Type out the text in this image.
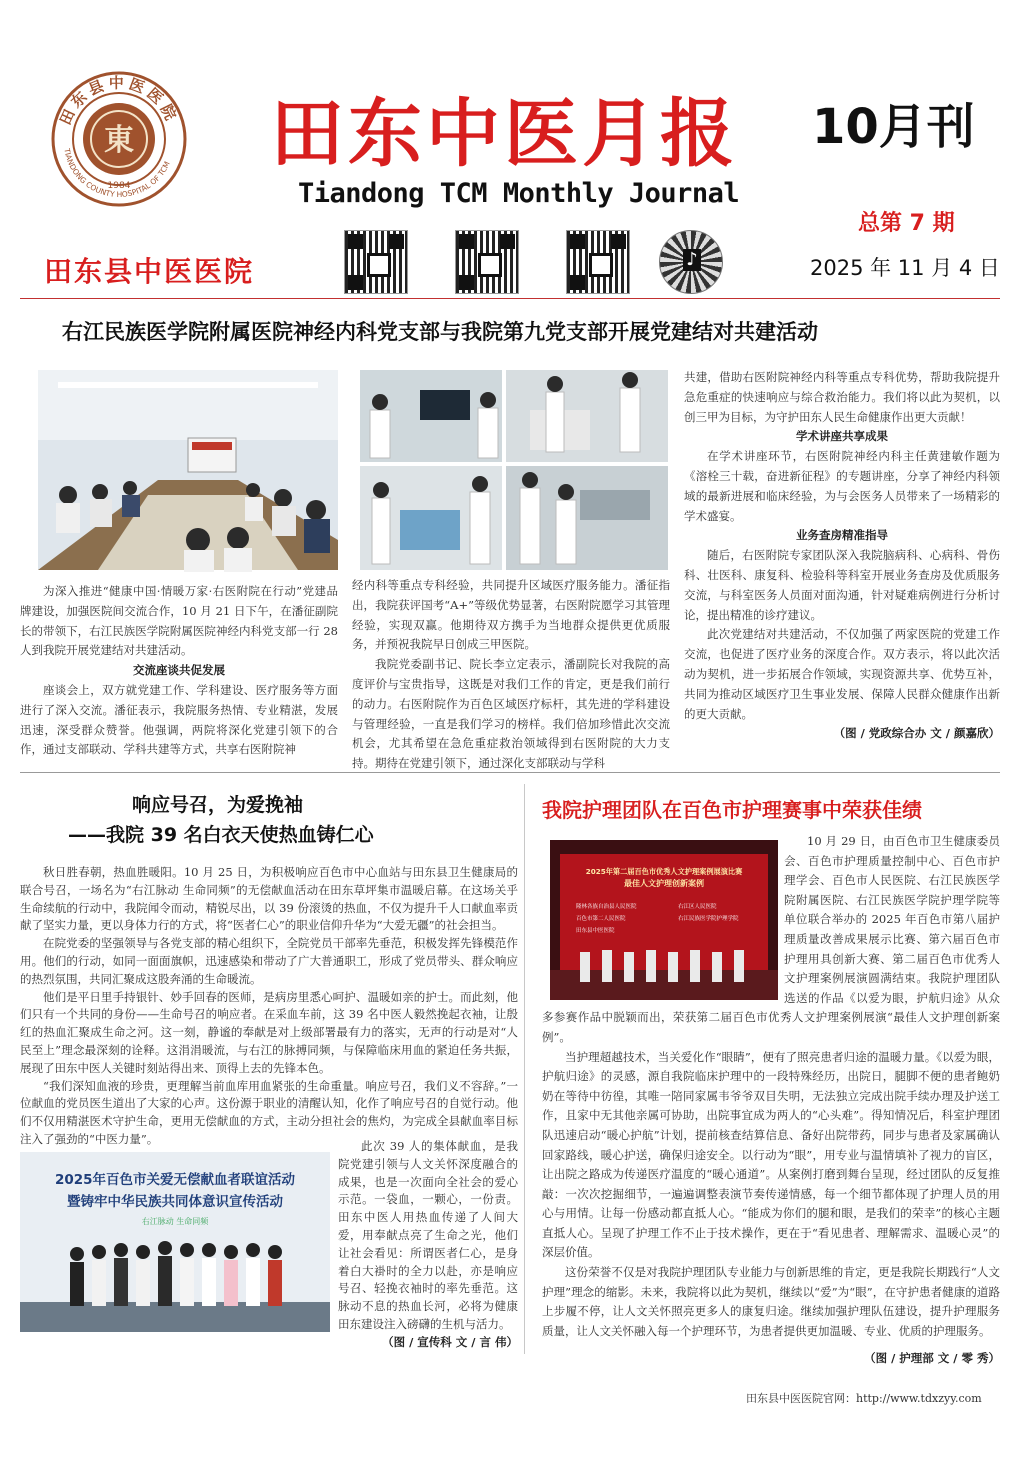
田东县中医医院
TIANDONG COUNTY HOSPITAL OF TCM
東
1984
田东县中医医院
田东中医月报
Tiandong TCM Monthly Journal
10月刊
总第 7 期
2025 年 11 月 4 日
♪
右江民族医学院附属医院神经内科党支部与我院第九党支部开展党建结对共建活动

为深入推进“健康中国·情暖万家·右医附院在行动”党建品牌建设，加强医院间交流合作，10 月 21 日下午，在潘征副院长的带领下，右江民族医学院附属医院神经内科党支部一行 28 人到我院开展党建结对共建活动。

交流座谈共促发展

座谈会上，双方就党建工作、学科建设、医疗服务等方面进行了深入交流。潘征表示，我院服务热情、专业精湛，发展迅速，深受群众赞誉。他强调，两院将深化党建引领下的合作，通过支部联动、学科共建等方式，共享右医附院神

经内科等重点专科经验，共同提升区域医疗服务能力。潘征指出，我院获评国考“A+”等级优势显著，右医附院愿学习其管理经验，实现双赢。他期待双方携手为当地群众提供更优质服务，并预祝我院早日创成三甲医院。

我院党委副书记、院长李立定表示，潘副院长对我院的高度评价与宝贵指导，这既是对我们工作的肯定，更是我们前行的动力。右医附院作为百色区域医疗标杆，其先进的学科建设与管理经验，一直是我们学习的榜样。我们倍加珍惜此次交流机会，尤其希望在急危重症救治领域得到右医附院的大力支持。期待在党建引领下，通过深化支部联动与学科

共建，借助右医附院神经内科等重点专科优势，帮助我院提升急危重症的快速响应与综合救治能力。我们将以此为契机，以创三甲为目标，为守护田东人民生命健康作出更大贡献！

学术讲座共享成果

在学术讲座环节，右医附院神经内科主任黄建敏作题为《溶栓三十载，奋进新征程》的专题讲座，分享了神经内科领域的最新进展和临床经验，为与会医务人员带来了一场精彩的学术盛宴。

业务查房精准指导

随后，右医附院专家团队深入我院脑病科、心病科、骨伤科、壮医科、康复科、检验科等科室开展业务查房及优质服务交流，与科室医务人员面对面沟通，针对疑难病例进行分析讨论，提出精准的诊疗建议。

此次党建结对共建活动，不仅加强了两家医院的党建工作交流，也促进了医疗业务的深度合作。双方表示，将以此次活动为契机，进一步拓展合作领域，实现资源共享、优势互补，共同为推动区域医疗卫生事业发展、保障人民群众健康作出新的更大贡献。

（图 / 党政综合办 文 / 颜嘉欣）

响应号召，为爱挽袖
——我院 39 名白衣天使热血铸仁心

秋日胜春朝，热血胜暖阳。10 月 25 日，为积极响应百色市中心血站与田东县卫生健康局的联合号召，一场名为“右江脉动 生命同频”的无偿献血活动在田东草坪集市温暖启幕。在这场关乎生命续航的行动中，我院闻令而动，精锐尽出，以 39 份滚烫的热血，不仅为提升千人口献血率贡献了坚实力量，更以身体力行的方式，将“医者仁心”的职业信仰升华为“大爱无疆”的社会担当。

在院党委的坚强领导与各党支部的精心组织下，全院党员干部率先垂范，积极发挥先锋模范作用。他们的行动，如同一面面旗帜，迅速感染和带动了广大普通职工，形成了党员带头、群众响应的热烈氛围，共同汇聚成这股奔涌的生命暖流。

他们是平日里手持银针、妙手回春的医师，是病房里悉心呵护、温暖如亲的护士。而此刻，他们只有一个共同的身份——生命号召的响应者。在采血车前，这 39 名中医人毅然挽起衣袖，让殷红的热血汇聚成生命之河。这一刻，静谧的奉献是对上级部署最有力的落实，无声的行动是对“人民至上”理念最深刻的诠释。这涓涓暖流，与右江的脉搏同频，与保障临床用血的紧迫任务共振，展现了田东中医人关键时刻站得出来、顶得上去的先锋本色。

“我们深知血液的珍贵，更理解当前血库用血紧张的生命重量。响应号召，我们义不容辞。”一位献血的党员医生道出了大家的心声。这份源于职业的清醒认知，化作了响应号召的自觉行动。他们不仅用精湛医术守护生命，更用无偿献血的方式，主动分担社会的焦灼，为完成全县献血率目标注入了强劲的“中医力量”。

2025年百色市关爱无偿献血者联谊活动
暨铸牢中华民族共同体意识宣传活动
右江脉动 生命同频

此次 39 人的集体献血，是我院党建引领与人文关怀深度融合的成果，也是一次面向全社会的爱心示范。一袋血，一颗心，一份责。田东中医人用热血传递了人间大爱，用奉献点亮了生命之光，他们让社会看见：所谓医者仁心，是身着白大褂时的全力以赴，亦是响应号召、轻挽衣袖时的率先垂范。这脉动不息的热血长河，必将为健康田东建设注入磅礴的生机与活力。

（图 / 宣传科 文 / 言 伟）

我院护理团队在百色市护理赛事中荣获佳绩
2025年第二届百色市优秀人文护理案例展演比赛
最佳人文护理创新案例
隆林各族自治县人民医院	右江区人民医院
百色市第二人民医院	右江民族医学院护理学院
田东县中医医院

10 月 29 日，由百色市卫生健康委员会、百色市护理质量控制中心、百色市护理学会、百色市人民医院、右江民族医学院附属医院、右江民族医学院护理学院等单位联合举办的 2025 年百色市第八届护理质量改善成果展示比赛、第六届百色市护理用具创新大赛、第二届百色市优秀人文护理案例展演圆满结束。我院护理团队选送的作品《以爱为眼，护航归途》从众多参赛作品中脱颖而出，荣获第二届百色市优秀人文护理案例展演“最佳人文护理创新案例”。

当护理超越技术，当关爱化作“眼睛”，便有了照亮患者归途的温暖力量。《以爱为眼，护航归途》的灵感，源自我院临床护理中的一段特殊经历，出院日，腿脚不便的患者鲍奶奶在等待中彷徨，其唯一陪同家属韦爷爷双目失明，无法独立完成出院手续办理及护送工作，且家中无其他亲属可协助，出院事宜成为两人的“心头难”。得知情况后，科室护理团队迅速启动“暖心护航”计划，提前核查结算信息、备好出院带药，同步与患者及家属确认回家路线，暖心护送，确保归途安全。以行动为“眼”，用专业与温情填补了视力的盲区，让出院之路成为传递医疗温度的“暖心通道”。从案例打磨到舞台呈现，经过团队的反复推敲：一次次挖掘细节，一遍遍调整表演节奏传递情感，每一个细节都体现了护理人员的用心与用情。让每一份感动都直抵人心。“能成为你们的腿和眼，是我们的荣幸”的核心主题直抵人心。呈现了护理工作不止于技术操作，更在于“看见患者、理解需求、温暖心灵”的深层价值。

这份荣誉不仅是对我院护理团队专业能力与创新思维的肯定，更是我院长期践行“人文护理”理念的缩影。未来，我院将以此为契机，继续以“爱”为“眼”，在守护患者健康的道路上步履不停，让人文关怀照亮更多人的康复归途。继续加强护理队伍建设，提升护理服务质量，让人文关怀融入每一个护理环节，为患者提供更加温暖、专业、优质的护理服务。

（图 / 护理部 文 / 零 秀）

田东县中医医院官网：http://www.tdxzyy.com
